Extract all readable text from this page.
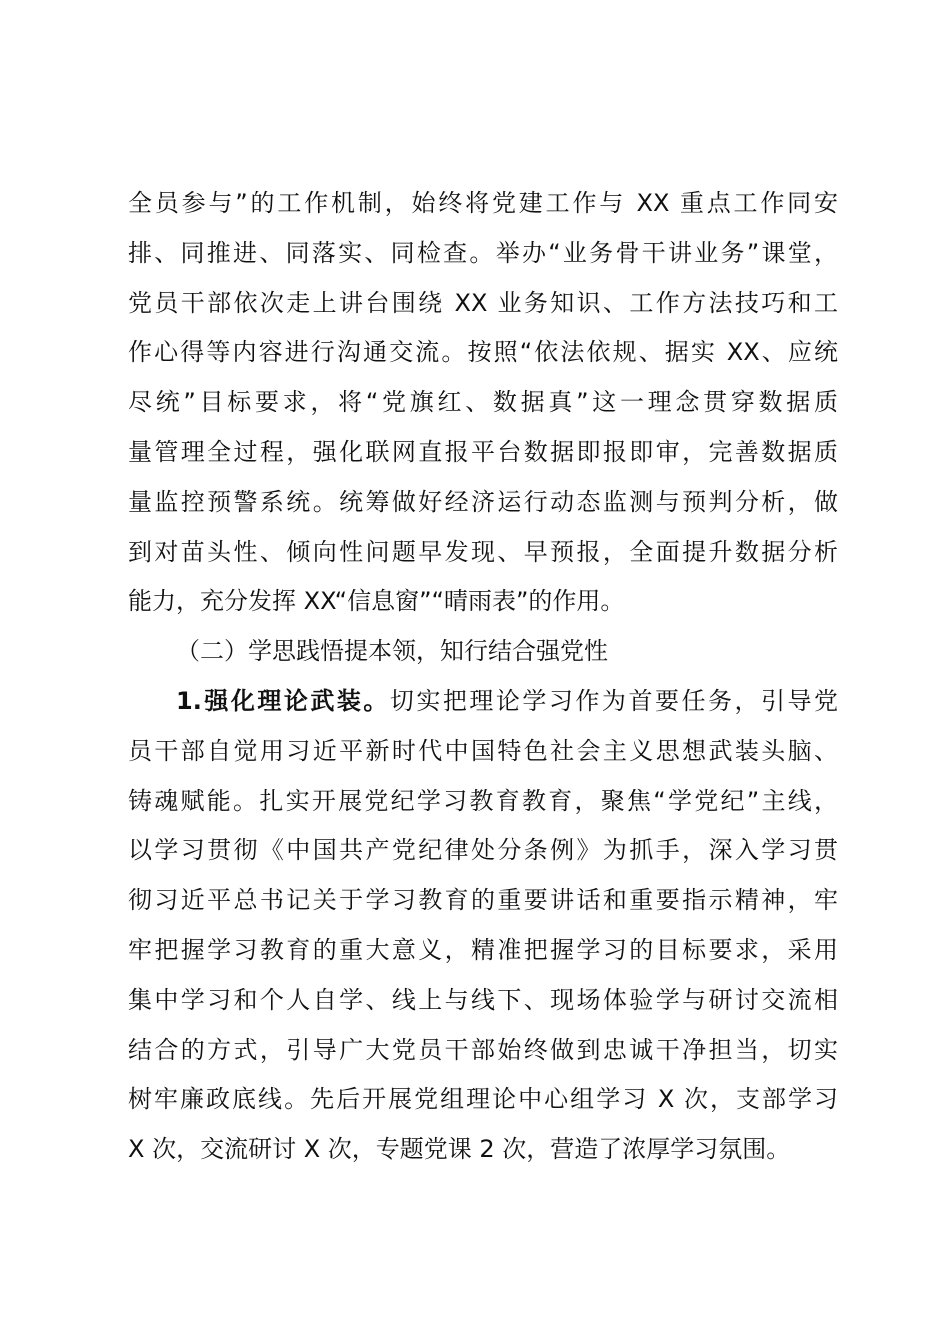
全员参与”的工作机制，始终将党建工作与 XX 重点工作同安
排、同推进、同落实、同检查。举办“业务骨干讲业务”课堂，
党员干部依次走上讲台围绕 XX 业务知识、工作方法技巧和工
作心得等内容进行沟通交流。按照“依法依规、据实 XX、应统
尽统”目标要求，将“党旗红、数据真”这一理念贯穿数据质
量管理全过程，强化联网直报平台数据即报即审，完善数据质
量监控预警系统。统筹做好经济运行动态监测与预判分析，做
到对苗头性、倾向性问题早发现、早预报，全面提升数据分析
能力，充分发挥 XX“信息窗”“晴雨表”的作用。
（二）学思践悟提本领，知行结合强党性
1.强化理论武装。切实把理论学习作为首要任务，引导党
员干部自觉用习近平新时代中国特色社会主义思想武装头脑、
铸魂赋能。扎实开展党纪学习教育教育，聚焦“学党纪”主线，
以学习贯彻《中国共产党纪律处分条例》为抓手，深入学习贯
彻习近平总书记关于学习教育的重要讲话和重要指示精神，牢
牢把握学习教育的重大意义，精准把握学习的目标要求，采用
集中学习和个人自学、线上与线下、现场体验学与研讨交流相
结合的方式，引导广大党员干部始终做到忠诚干净担当，切实
树牢廉政底线。先后开展党组理论中心组学习 X 次，支部学习
X 次，交流研讨 X 次，专题党课 2 次，营造了浓厚学习氛围。
